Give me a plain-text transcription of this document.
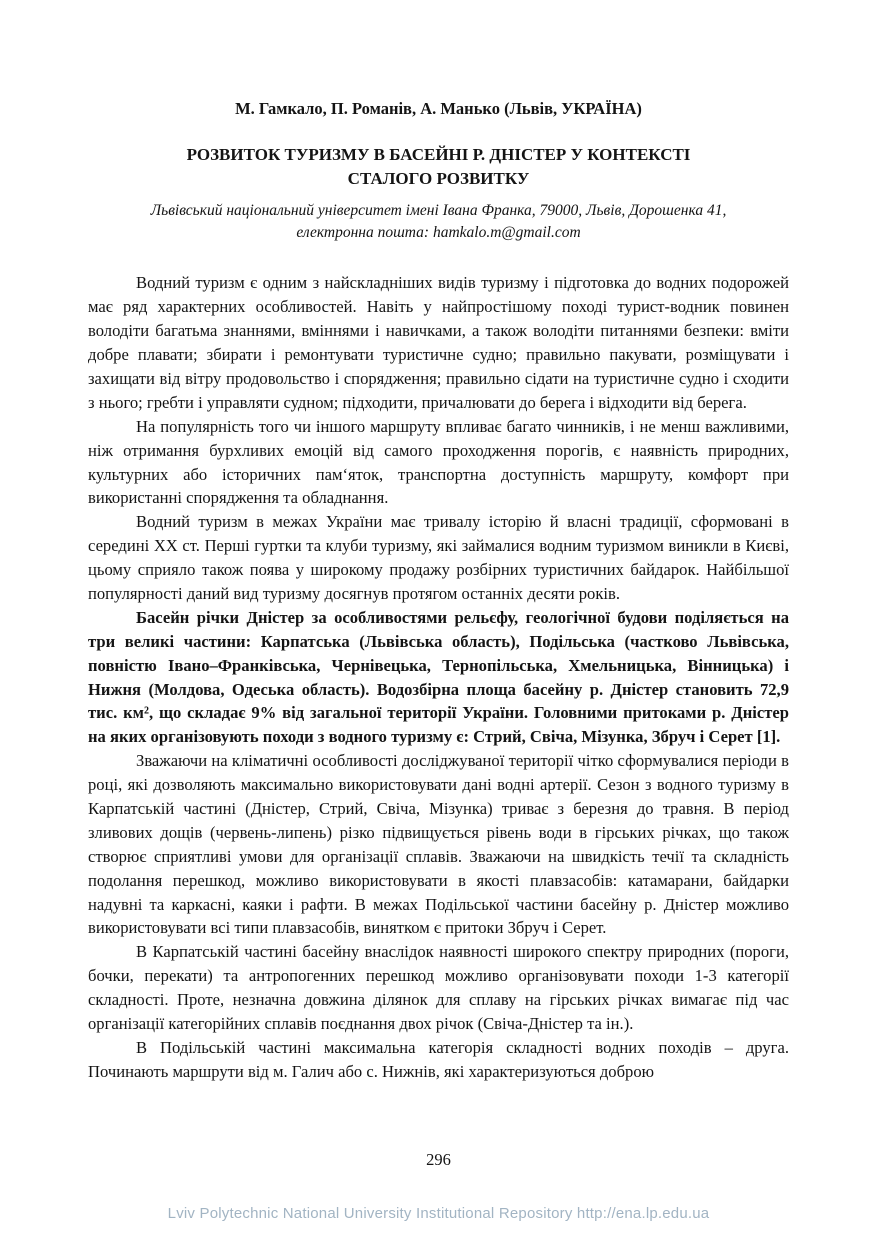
М. Гамкало, П. Романів, А. Манько (Львів, УКРАЇНА)
РОЗВИТОК ТУРИЗМУ В БАСЕЙНІ Р. ДНІСТЕР У КОНТЕКСТІ
СТАЛОГО РОЗВИТКУ
Львівський національний університет імені Івана Франка, 79000, Львів, Дорошенка 41,
електронна пошта: hamkalo.m@gmail.com

Водний туризм є одним з найскладніших видів туризму і підготовка до водних подорожей має ряд характерних особливостей. Навіть у найпростішому поході турист-водник повинен володіти багатьма знаннями, вміннями і навичками, а також володіти питаннями безпеки: вміти добре плавати; збирати і ремонтувати туристичне судно; правильно пакувати, розміщувати і захищати від вітру продовольство і спорядження; правильно сідати на туристичне судно і сходити з нього; гребти і управляти судном; підходити, причалювати до берега і відходити від берега.

На популярність того чи іншого маршруту впливає багато чинників, і не менш важливими, ніж отримання бурхливих емоцій від самого проходження порогів, є наявність природних, культурних або історичних пам‘яток, транспортна доступність маршруту, комфорт при використанні спорядження та обладнання.

Водний туризм в межах України має тривалу історію й власні традиції, сформовані в середині XX ст. Перші гуртки та клуби туризму, які займалися водним туризмом виникли в Києві, цьому сприяло також поява у широкому продажу розбірних туристичних байдарок. Найбільшої популярності даний вид туризму досягнув протягом останніх десяти років.

Басейн річки Дністер за особливостями рельєфу, геологічної будови поділяється на три великі частини: Карпатська (Львівська область), Подільська (частково Львівська, повністю Івано–Франківська, Чернівецька, Тернопільська, Хмельницька, Вінницька) і Нижня (Молдова, Одеська область). Водозбірна площа басейну р. Дністер становить 72,9 тис. км², що складає 9% від загальної території України. Головними притоками р. Дністер на яких організовують походи з водного туризму є: Стрий, Свіча, Мізунка, Збруч і Серет [1].

Зважаючи на кліматичні особливості досліджуваної території чітко сформувалися періоди в році, які дозволяють максимально використовувати дані водні артерії. Сезон з водного туризму в Карпатській частині (Дністер, Стрий, Свіча, Мізунка) триває з березня до травня. В період зливових дощів (червень-липень) різко підвищується рівень води в гірських річках, що також створює сприятливі умови для організації сплавів. Зважаючи на швидкість течії та складність подолання перешкод, можливо використовувати в якості плавзасобів: катамарани, байдарки надувні та каркасні, каяки і рафти. В межах Подільської частини басейну р. Дністер можливо використовувати всі типи плавзасобів, винятком є притоки Збруч і Серет.

В Карпатській частині басейну внаслідок наявності широкого спектру природних (пороги, бочки, перекати) та антропогенних перешкод можливо організовувати походи 1-3 категорії складності. Проте, незначна довжина ділянок для сплаву на гірських річках вимагає під час організації категорійних сплавів поєднання двох річок (Свіча-Дністер та ін.).

В Подільській частині максимальна категорія складності водних походів – друга. Починають маршрути від м. Галич або с. Нижнів, які характеризуються доброю

296
Lviv Polytechnic National University Institutional Repository http://ena.lp.edu.ua
